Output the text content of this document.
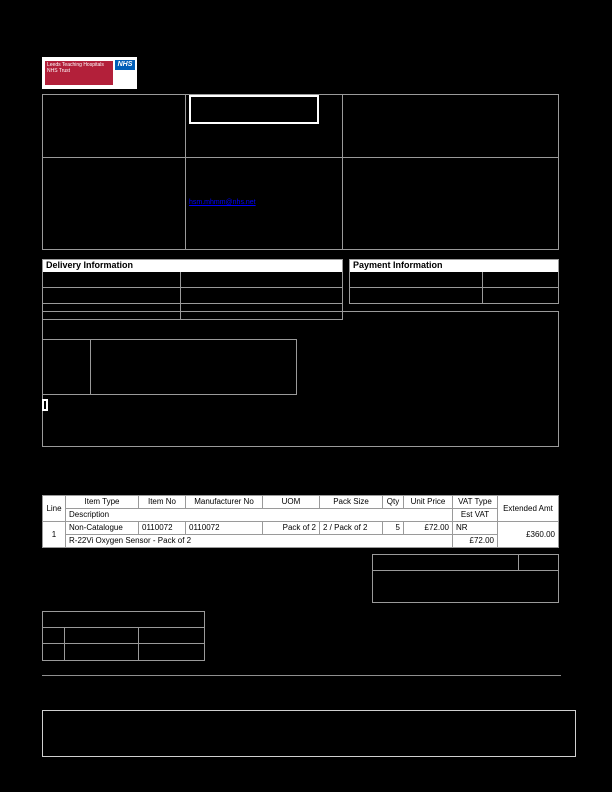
Leeds Teaching Hospitals NHS Trust
NHS
hsm.mhmm@nhs.net
Delivery Information	Payment Information
Line	Item Type	Item No	Manufacturer No	UOM	Pack Size	Qty	Unit Price	VAT Type	Extended Amt
	Description							Est VAT	
1	Non-Catalogue	0110072	0110072	Pack of 2	2 / Pack of 2	5	£72.00	NR	£360.00
	R-22Vi Oxygen Sensor - Pack of 2							£72.00	
